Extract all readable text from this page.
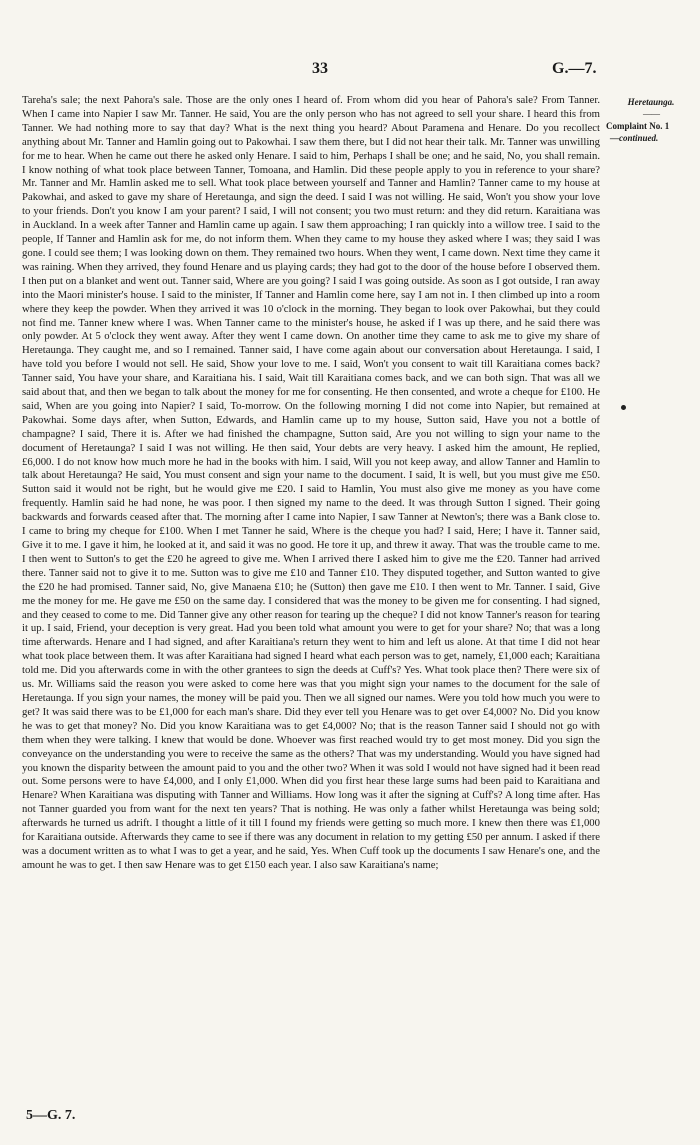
33	G.—7.
Heretaunga.
——
Complaint No. 1
—continued.

Tareha's sale; the next Pahora's sale. Those are the only ones I heard of. From whom did you hear of Pahora's sale? From Tanner. When I came into Napier I saw Mr. Tanner. He said, You are the only person who has not agreed to sell your share. I heard this from Tanner. We had nothing more to say that day? What is the next thing you heard? About Paramena and Henare. Do you recollect anything about Mr. Tanner and Hamlin going out to Pakowhai. I saw them there, but I did not hear their talk. Mr. Tanner was unwilling for me to hear. When he came out there he asked only Henare. I said to him, Perhaps I shall be one; and he said, No, you shall remain. I know nothing of what took place between Tanner, Tomoana, and Hamlin. Did these people apply to you in reference to your share? Mr. Tanner and Mr. Hamlin asked me to sell. What took place between yourself and Tanner and Hamlin? Tanner came to my house at Pakowhai, and asked to gave my share of Heretaunga, and sign the deed. I said I was not willing. He said, Won't you show your love to your friends. Don't you know I am your parent? I said, I will not consent; you two must return: and they did return. Karaitiana was in Auckland. In a week after Tanner and Hamlin came up again. I saw them approaching; I ran quickly into a willow tree. I said to the people, If Tanner and Hamlin ask for me, do not inform them. When they came to my house they asked where I was; they said I was gone. I could see them; I was looking down on them. They remained two hours. When they went, I came down. Next time they came it was raining. When they arrived, they found Henare and us playing cards; they had got to the door of the house before I observed them. I then put on a blanket and went out. Tanner said, Where are you going? I said I was going outside. As soon as I got outside, I ran away into the Maori minister's house. I said to the minister, If Tanner and Hamlin come here, say I am not in. I then climbed up into a room where they keep the powder. When they arrived it was 10 o'clock in the morning. They began to look over Pakowhai, but they could not find me. Tanner knew where I was. When Tanner came to the minister's house, he asked if I was up there, and he said there was only powder. At 5 o'clock they went away. After they went I came down. On another time they came to ask me to give my share of Heretaunga. They caught me, and so I remained. Tanner said, I have come again about our conversation about Heretaunga. I said, I have told you before I would not sell. He said, Show your love to me. I said, Won't you consent to wait till Karaitiana comes back? Tanner said, You have your share, and Karaitiana his. I said, Wait till Karaitiana comes back, and we can both sign. That was all we said about that, and then we began to talk about the money for me for consenting. He then consented, and wrote a cheque for £100. He said, When are you going into Napier? I said, To-morrow. On the following morning I did not come into Napier, but remained at Pakowhai. Some days after, when Sutton, Edwards, and Hamlin came up to my house, Sutton said, Have you not a bottle of champagne? I said, There it is. After we had finished the champagne, Sutton said, Are you not willing to sign your name to the document of Heretaunga? I said I was not willing. He then said, Your debts are very heavy. I asked him the amount, He replied, £6,000. I do not know how much more he had in the books with him. I said, Will you not keep away, and allow Tanner and Hamlin to talk about Heretaunga? He said, You must consent and sign your name to the document. I said, It is well, but you must give me £50. Sutton said it would not be right, but he would give me £20. I said to Hamlin, You must also give me money as you have come frequently. Hamlin said he had none, he was poor. I then signed my name to the deed. It was through Sutton I signed. Their going backwards and forwards ceased after that. The morning after I came into Napier, I saw Tanner at Newton's; there was a Bank close to. I came to bring my cheque for £100. When I met Tanner he said, Where is the cheque you had? I said, Here; I have it. Tanner said, Give it to me. I gave it him, he looked at it, and said it was no good. He tore it up, and threw it away. That was the trouble came to me. I then went to Sutton's to get the £20 he agreed to give me. When I arrived there I asked him to give me the £20. Tanner had arrived there. Tanner said not to give it to me. Sutton was to give me £10 and Tanner £10. They disputed together, and Sutton wanted to give the £20 he had promised. Tanner said, No, give Manaena £10; he (Sutton) then gave me £10. I then went to Mr. Tanner. I said, Give me the money for me. He gave me £50 on the same day. I considered that was the money to be given me for consenting. I had signed, and they ceased to come to me. Did Tanner give any other reason for tearing up the cheque? I did not know Tanner's reason for tearing it up. I said, Friend, your deception is very great. Had you been told what amount you were to get for your share? No; that was a long time afterwards. Henare and I had signed, and after Karaitiana's return they went to him and left us alone. At that time I did not hear what took place between them. It was after Karaitiana had signed I heard what each person was to get, namely, £1,000 each; Karaitiana told me. Did you afterwards come in with the other grantees to sign the deeds at Cuff's? Yes. What took place then? There were six of us. Mr. Williams said the reason you were asked to come here was that you might sign your names to the document for the sale of Heretaunga. If you sign your names, the money will be paid you. Then we all signed our names. Were you told how much you were to get? It was said there was to be £1,000 for each man's share. Did they ever tell you Henare was to get over £4,000? No. Did you know he was to get that money? No. Did you know Karaitiana was to get £4,000? No; that is the reason Tanner said I should not go with them when they were talking. I knew that would be done. Whoever was first reached would try to get most money. Did you sign the conveyance on the understanding you were to receive the same as the others? That was my understanding. Would you have signed had you known the disparity between the amount paid to you and the other two? When it was sold I would not have signed had it been read out. Some persons were to have £4,000, and I only £1,000. When did you first hear these large sums had been paid to Karaitiana and Henare? When Karaitiana was disputing with Tanner and Williams. How long was it after the signing at Cuff's? A long time after. Has not Tanner guarded you from want for the next ten years? That is nothing. He was only a father whilst Heretaunga was being sold; afterwards he turned us adrift. I thought a little of it till I found my friends were getting so much more. I knew then there was £1,000 for Karaitiana outside. Afterwards they came to see if there was any document in relation to my getting £50 per annum. I asked if there was a document written as to what I was to get a year, and he said, Yes. When Cuff took up the documents I saw Henare's one, and the amount he was to get. I then saw Henare was to get £150 each year. I also saw Karaitiana's name;

5—G. 7.
